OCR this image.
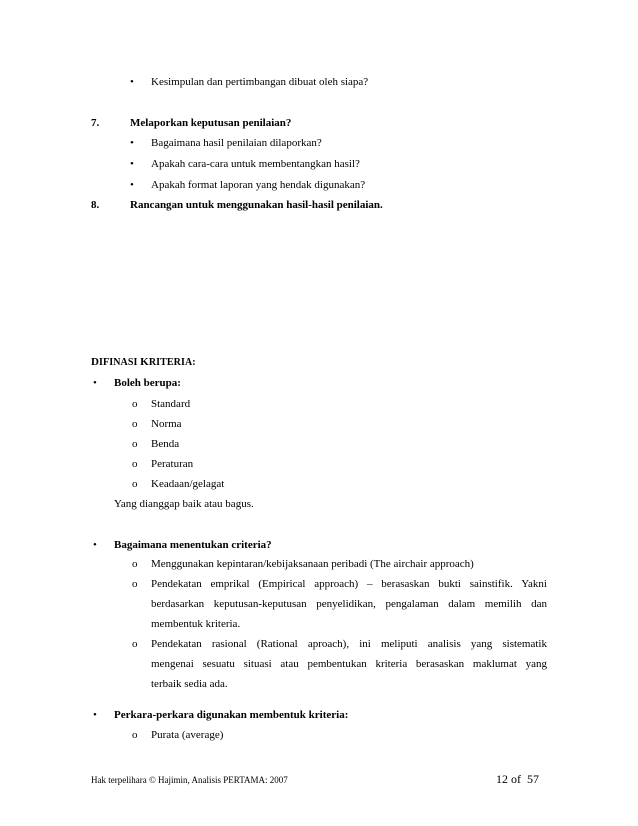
• Kesimpulan dan pertimbangan dibuat oleh siapa?
7.	Melaporkan keputusan penilaian?
• Bagaimana hasil penilaian dilaporkan?
• Apakah cara-cara untuk membentangkan hasil?
• Apakah format laporan yang hendak digunakan?
8.	Rancangan untuk menggunakan hasil-hasil penilaian.
DIFINASI KRITERIA:
• Boleh berupa:
o Standard
o Norma
o Benda
o Peraturan
o Keadaan/gelagat
Yang dianggap baik atau bagus.
• Bagaimana menentukan criteria?
o Menggunakan kepintaran/kebijaksanaan peribadi (The airchair approach)
o Pendekatan emprikal (Empirical approach) – berasaskan bukti sainstifik. Yakni
berdasarkan keputusan-keputusan penyelidikan, pengalaman dalam memilih dan
membentuk kriteria.
o Pendekatan rasional (Rational aproach), ini meliputi analisis yang sistematik
mengenai sesuatu situasi atau pembentukan kriteria berasaskan maklumat yang
terbaik sedia ada.
• Perkara-perkara digunakan membentuk kriteria:
o Purata (average)
Hak terpelihara © Hajimin, Analisis PERTAMA: 2007	12 of  57
